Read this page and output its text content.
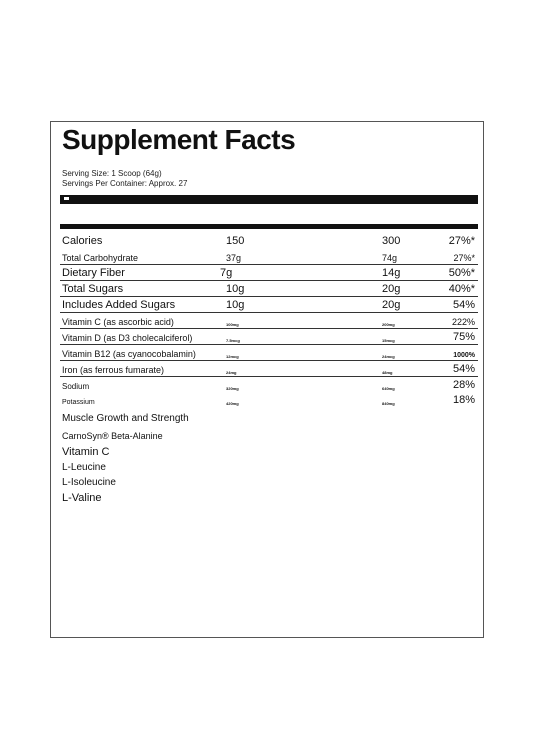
Supplement Facts
Serving Size: 1 Scoop (64g)
Servings Per Container: Approx. 27
Calories	150	300	27%*
Total Carbohydrate	37g	74g	27%*
Dietary Fiber	7g	14g	50%*
Total Sugars	10g	20g	40%*
Includes Added Sugars	10g	20g	54%
Vitamin C (as ascorbic acid)	100mg	200mg	222%
Vitamin D (as D3 cholecalciferol)	7.5mcg	15mcg	75%
Vitamin B12 (as cyanocobalamin)	12mcg	24mcg	1000%
Iron (as ferrous fumarate)	24mg	48mg	54%
Sodium	320mg	640mg	28%
Potassium	420mg	840mg	18%
Muscle Growth and Strength
CarnoSyn® Beta-Alanine
Vitamin C
L-Leucine
L-Isoleucine
L-Valine
